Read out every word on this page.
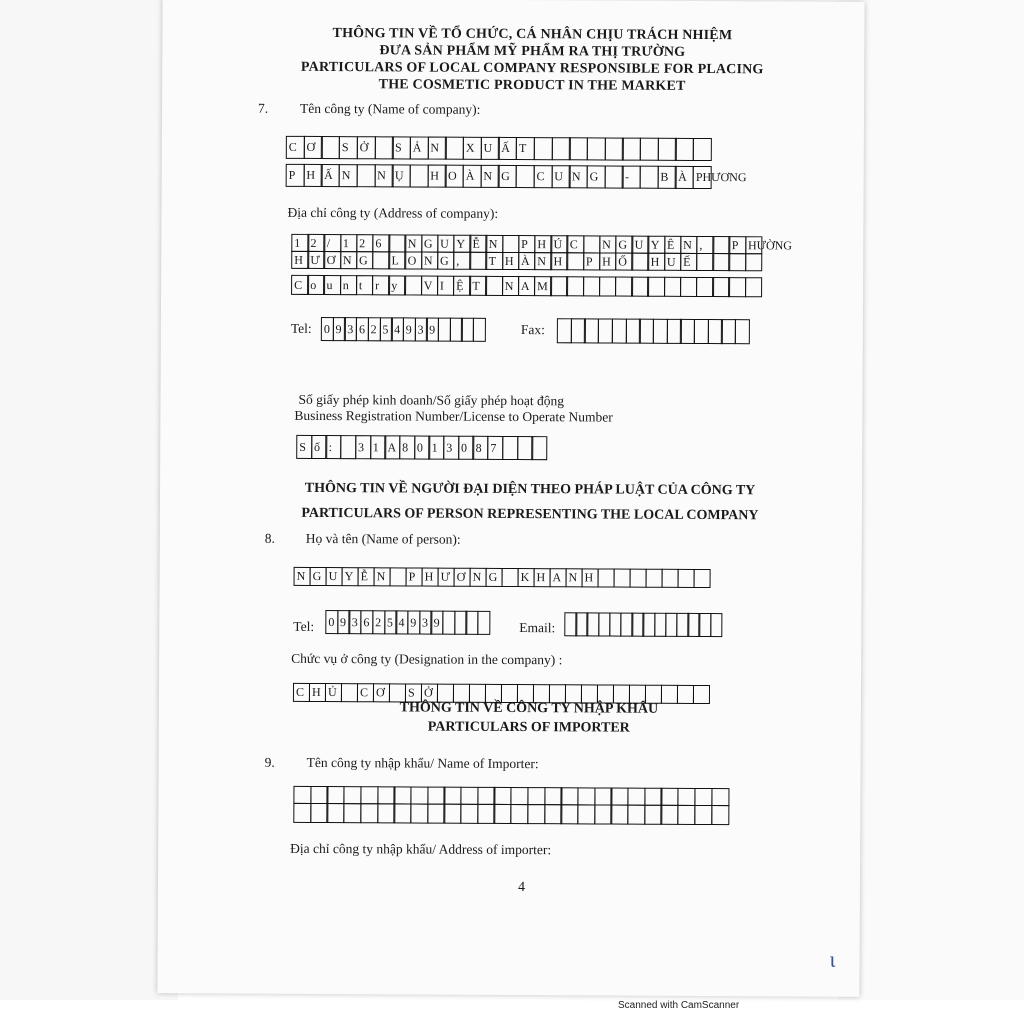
THÔNG TIN VỀ TỔ CHỨC, CÁ NHÂN CHỊU TRÁCH NHIỆM
ĐƯA SẢN PHẨM MỸ PHẨM RA THỊ TRƯỜNG
PARTICULARS OF LOCAL COMPANY RESPONSIBLE FOR PLACING
THE COSMETIC PRODUCT IN THE MARKET
7. Tên công ty (Name of company):
C Ơ	S Ở	S Ả N	X U Ấ T
P H Ấ N	N Ụ	H O À N G	C U N G	-	B À PHƯƠNG
Địa chỉ công ty (Address of company):
1 2 /	1 2 6	N G U Y Ễ N	P H Ú C	N G U Y Ê N ,	P HƯỜNG
H Ư Ơ N G	L O N G ,	T H À N H	P H Ố	H U Ế
C o u n t	r	y	V I	Ệ T	N A M
Tel: 0 9 3 6 2 5 4 9 3 9	Fax:
Số giấy phép kinh doanh/Số giấy phép hoạt động
Business Registration Number/License to Operate Number
S ố :	3 1 A 8 0 1 3 0 8 7
THÔNG TIN VỀ NGƯỜI ĐẠI DIỆN THEO PHÁP LUẬT CỦA CÔNG TY
PARTICULARS OF PERSON REPRESENTING THE LOCAL COMPANY
8. Họ và tên (Name of person):
N G U Y Ễ N	P H Ư Ơ N G	K H A N H
Tel: 0 9 3 6 2 5 4 9 3 9	Email:
Chức vụ ở công ty (Designation in the company) :
C H Ủ	C Ơ	S Ở
THÔNG TIN VỀ CÔNG TY NHẬP KHẨU
PARTICULARS OF IMPORTER
9. Tên công ty nhập khẩu/ Name of Importer:
Địa chỉ công ty nhập khẩu/ Address of importer:
4
ɩ
Scanned with CamScanner
